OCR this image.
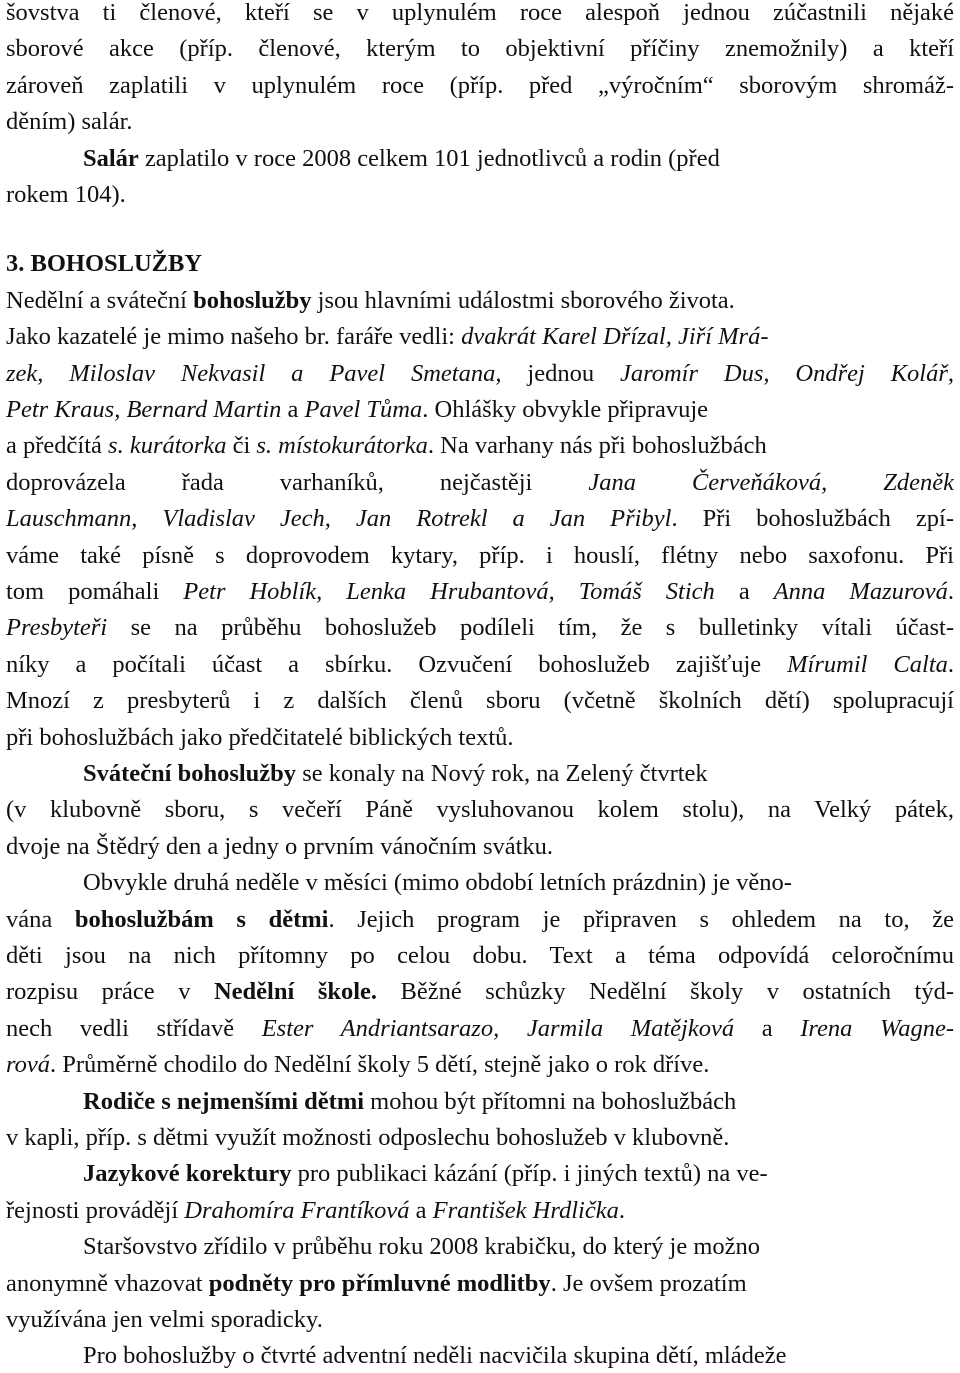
šovstva ti členové, kteří se v uplynulém roce alespoň jednou zúčastnili nějaké
sborové akce (příp. členové, kterým to objektivní příčiny znemožnily) a kteří
zároveň zaplatili v uplynulém roce (příp. před „výročním“ sborovým shromáž-
děním) salár.
Salár zaplatilo v roce 2008 celkem 101 jednotlivců a rodin (před
rokem 104).
3. BOHOSLUŽBY
Nedělní a sváteční bohoslužby jsou hlavními událostmi sborového života.
Jako kazatelé je mimo našeho br. faráře vedli: dvakrát Karel Dřízal, Jiří Mrá-
zek, Miloslav Nekvasil a Pavel Smetana, jednou Jaromír Dus, Ondřej Kolář,
Petr Kraus, Bernard Martin a Pavel Tůma. Ohlášky obvykle připravuje
a předčítá s. kurátorka či s. místokurátorka. Na varhany nás při bohoslužbách
doprovázela řada varhaníků, nejčastěji Jana Červeňáková, Zdeněk
Lauschmann, Vladislav Jech, Jan Rotrekl a Jan Přibyl. Při bohoslužbách zpí-
váme také písně s doprovodem kytary, příp. i houslí, flétny nebo saxofonu. Při
tom pomáhali Petr Hoblík, Lenka Hrubantová, Tomáš Stich a Anna Mazurová.
Presbyteři se na průběhu bohoslužeb podíleli tím, že s bulletinky vítali účast-
níky a počítali účast a sbírku. Ozvučení bohoslužeb zajišťuje Mírumil Calta.
Mnozí z presbyterů i z dalších členů sboru (včetně školních dětí) spolupracují
při bohoslužbách jako předčitatelé biblických textů.
Sváteční bohoslužby se konaly na Nový rok, na Zelený čtvrtek
(v klubovně sboru, s večeří Páně vysluhovanou kolem stolu), na Velký pátek,
dvoje na Štědrý den a jedny o prvním vánočním svátku.
Obvykle druhá neděle v měsíci (mimo období letních prázdnin) je věno-
vána bohoslužbám s dětmi. Jejich program je připraven s ohledem na to, že
děti jsou na nich přítomny po celou dobu. Text a téma odpovídá celoročnímu
rozpisu práce v Nedělní škole. Běžné schůzky Nedělní školy v ostatních týd-
nech vedli střídavě Ester Andriantsarazo, Jarmila Matějková a Irena Wagne-
rová. Průměrně chodilo do Nedělní školy 5 dětí, stejně jako o rok dříve.
Rodiče s nejmenšími dětmi mohou být přítomni na bohoslužbách
v kapli, příp. s dětmi využít možnosti odposlechu bohoslužeb v klubovně.
Jazykové korektury pro publikaci kázání (příp. i jiných textů) na ve-
řejnosti provádějí Drahomíra Frantíková a František Hrdlička.
Staršovstvo zřídilo v průběhu roku 2008 krabičku, do který je možno
anonymně vhazovat podněty pro přímluvné modlitby. Je ovšem prozatím
využívána jen velmi sporadicky.
Pro bohoslužby o čtvrté adventní neděli nacvičila skupina dětí, mládeže
